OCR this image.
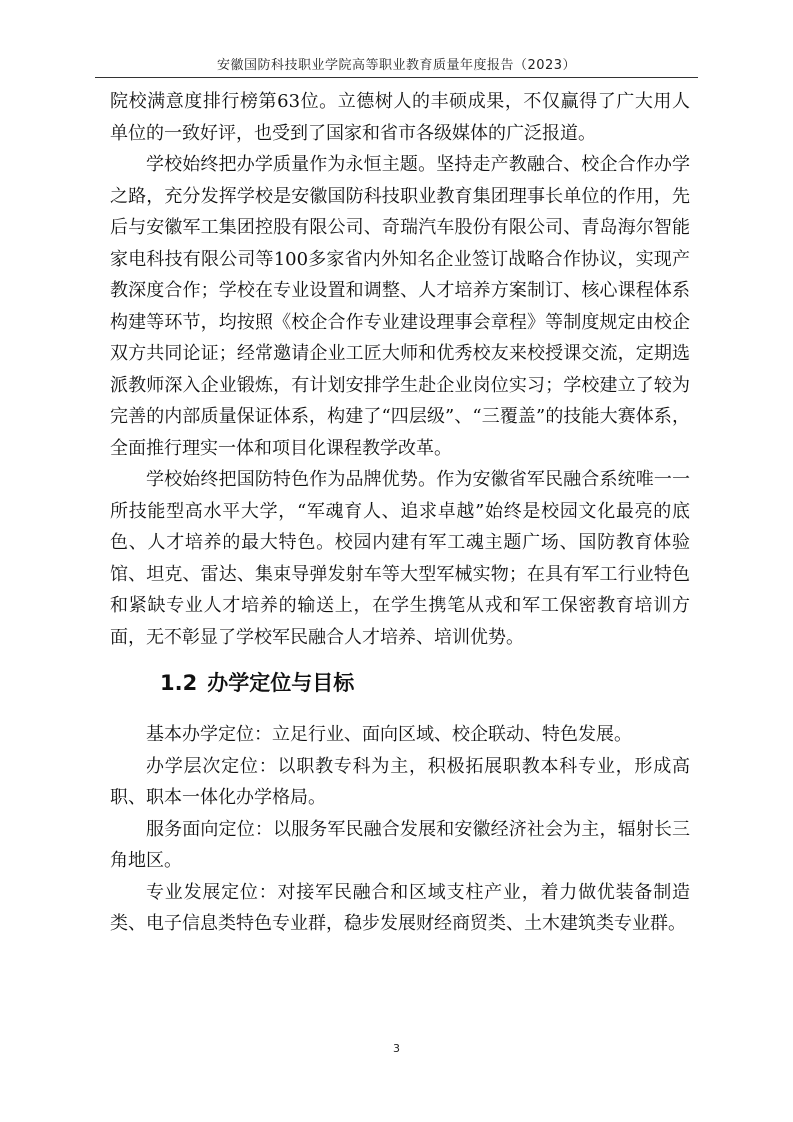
安徽国防科技职业学院高等职业教育质量年度报告（2023）

院校满意度排行榜第63位。立德树人的丰硕成果，不仅赢得了广大用人单位的一致好评，也受到了国家和省市各级媒体的广泛报道。

学校始终把办学质量作为永恒主题。坚持走产教融合、校企合作办学之路，充分发挥学校是安徽国防科技职业教育集团理事长单位的作用，先后与安徽军工集团控股有限公司、奇瑞汽车股份有限公司、青岛海尔智能家电科技有限公司等100多家省内外知名企业签订战略合作协议，实现产教深度合作；学校在专业设置和调整、人才培养方案制订、核心课程体系构建等环节，均按照《校企合作专业建设理事会章程》等制度规定由校企双方共同论证；经常邀请企业工匠大师和优秀校友来校授课交流，定期选派教师深入企业锻炼，有计划安排学生赴企业岗位实习；学校建立了较为完善的内部质量保证体系，构建了“四层级”、“三覆盖”的技能大赛体系，全面推行理实一体和项目化课程教学改革。

学校始终把国防特色作为品牌优势。作为安徽省军民融合系统唯一一所技能型高水平大学，“军魂育人、追求卓越”始终是校园文化最亮的底色、人才培养的最大特色。校园内建有军工魂主题广场、国防教育体验馆、坦克、雷达、集束导弹发射车等大型军械实物；在具有军工行业特色和紧缺专业人才培养的输送上，在学生携笔从戎和军工保密教育培训方面，无不彰显了学校军民融合人才培养、培训优势。

1.2 办学定位与目标

基本办学定位：立足行业、面向区域、校企联动、特色发展。

办学层次定位：以职教专科为主，积极拓展职教本科专业，形成高职、职本一体化办学格局。

服务面向定位：以服务军民融合发展和安徽经济社会为主，辐射长三角地区。

专业发展定位：对接军民融合和区域支柱产业，着力做优装备制造类、电子信息类特色专业群，稳步发展财经商贸类、土木建筑类专业群。

3
